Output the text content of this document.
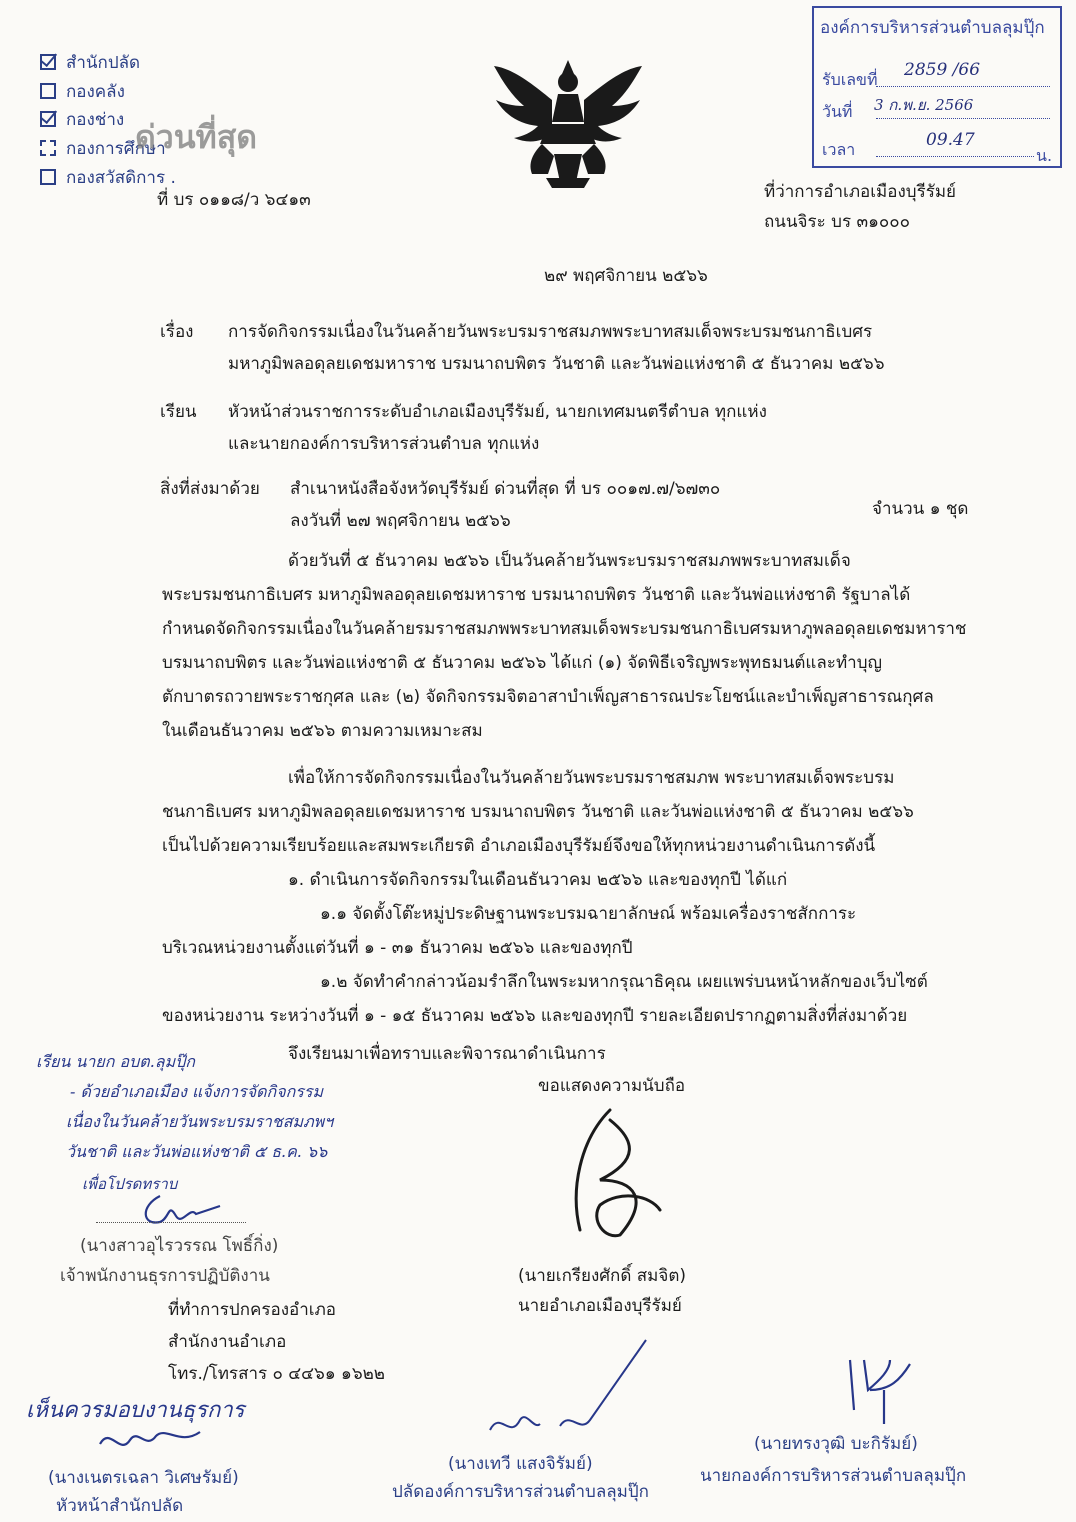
สำนักปลัด
กองคลัง
กองช่าง
กองการศึกษา
กองสวัสดิการ .
ด่วนที่สุด
องค์การบริหารส่วนตำบลลุมปุ๊ก
รับเลขที่ 2859 /66
วันที่ 3 ก.พ.ย. 2566
เวลา	09.47
น.
ที่ บร ๐๑๑๘/ว ๖๔๑๓	ที่ว่าการอำเภอเมืองบุรีรัมย์
ถนนจิระ บร ๓๑๐๐๐
๒๙ พฤศจิกายน ๒๕๖๖
เรื่อง การจัดกิจกรรมเนื่องในวันคล้ายวันพระบรมราชสมภพพระบาทสมเด็จพระบรมชนกาธิเบศร
มหาภูมิพลอดุลยเดชมหาราช บรมนาถบพิตร วันชาติ และวันพ่อแห่งชาติ ๕ ธันวาคม ๒๕๖๖
เรียน หัวหน้าส่วนราชการระดับอำเภอเมืองบุรีรัมย์, นายกเทศมนตรีตำบล ทุกแห่ง
และนายกองค์การบริหารส่วนตำบล ทุกแห่ง
สิ่งที่ส่งมาด้วย สำเนาหนังสือจังหวัดบุรีรัมย์ ด่วนที่สุด ที่ บร ๐๐๑๗.๗/๖๗๓๐
ลงวันที่ ๒๗ พฤศจิกายน ๒๕๖๖
จำนวน ๑ ชุด
ด้วยวันที่ ๕ ธันวาคม ๒๕๖๖ เป็นวันคล้ายวันพระบรมราชสมภพพระบาทสมเด็จ
พระบรมชนกาธิเบศร มหาภูมิพลอดุลยเดชมหาราช บรมนาถบพิตร วันชาติ และวันพ่อแห่งชาติ รัฐบาลได้
กำหนดจัดกิจกรรมเนื่องในวันคล้ายรมราชสมภพพระบาทสมเด็จพระบรมชนกาธิเบศรมหาภูพลอดุลยเดชมหาราช
บรมนาถบพิตร และวันพ่อแห่งชาติ ๕ ธันวาคม ๒๕๖๖ ได้แก่ (๑) จัดพิธีเจริญพระพุทธมนต์และทำบุญ
ตักบาตรถวายพระราชกุศล และ (๒) จัดกิจกรรมจิตอาสาบำเพ็ญสาธารณประโยชน์และบำเพ็ญสาธารณกุศล
ในเดือนธันวาคม ๒๕๖๖ ตามความเหมาะสม
เพื่อให้การจัดกิจกรรมเนื่องในวันคล้ายวันพระบรมราชสมภพ พระบาทสมเด็จพระบรม
ชนกาธิเบศร มหาภูมิพลอดุลยเดชมหาราช บรมนาถบพิตร วันชาติ และวันพ่อแห่งชาติ ๕ ธันวาคม ๒๕๖๖
เป็นไปด้วยความเรียบร้อยและสมพระเกียรติ อำเภอเมืองบุรีรัมย์จึงขอให้ทุกหน่วยงานดำเนินการดังนี้
๑. ดำเนินการจัดกิจกรรมในเดือนธันวาคม ๒๕๖๖ และของทุกปี ได้แก่
๑.๑ จัดตั้งโต๊ะหมู่ประดิษฐานพระบรมฉายาลักษณ์ พร้อมเครื่องราชสักการะ
บริเวณหน่วยงานตั้งแต่วันที่ ๑ - ๓๑ ธันวาคม ๒๕๖๖ และของทุกปี
๑.๒ จัดทำคำกล่าวน้อมรำลึกในพระมหากรุณาธิคุณ เผยแพร่บนหน้าหลักของเว็บไซต์
ของหน่วยงาน ระหว่างวันที่ ๑ - ๑๕ ธันวาคม ๒๕๖๖ และของทุกปี รายละเอียดปรากฏตามสิ่งที่ส่งมาด้วย
จึงเรียนมาเพื่อทราบและพิจารณาดำเนินการ
ขอแสดงความนับถือ
(นายเกรียงศักดิ์ สมจิต)
นายอำเภอเมืองบุรีรัมย์
เรียน นายก อบต.ลุมปุ๊ก
- ด้วยอำเภอเมือง แจ้งการจัดกิจกรรม
เนื่องในวันคล้ายวันพระบรมราชสมภพฯ
วันชาติ และวันพ่อแห่งชาติ ๕ ธ.ค. ๖๖
เพื่อโปรดทราบ
(นางสาวอุไรวรรณ โพธิ์กิ่ง)
เจ้าพนักงานธุรการปฏิบัติงาน
ที่ทำการปกครองอำเภอ
สำนักงานอำเภอ
โทร./โทรสาร ๐ ๔๔๖๑ ๑๖๒๒
เห็นควรมอบงานธุรการ
(นางเนตรเฉลา วิเศษรัมย์)
หัวหน้าสำนักปลัด
(นางเทวี แสงจิรัมย์)
ปลัดองค์การบริหารส่วนตำบลลุมปุ๊ก
(นายทรงวุฒิ บะกิรัมย์)
นายกองค์การบริหารส่วนตำบลลุมปุ๊ก
